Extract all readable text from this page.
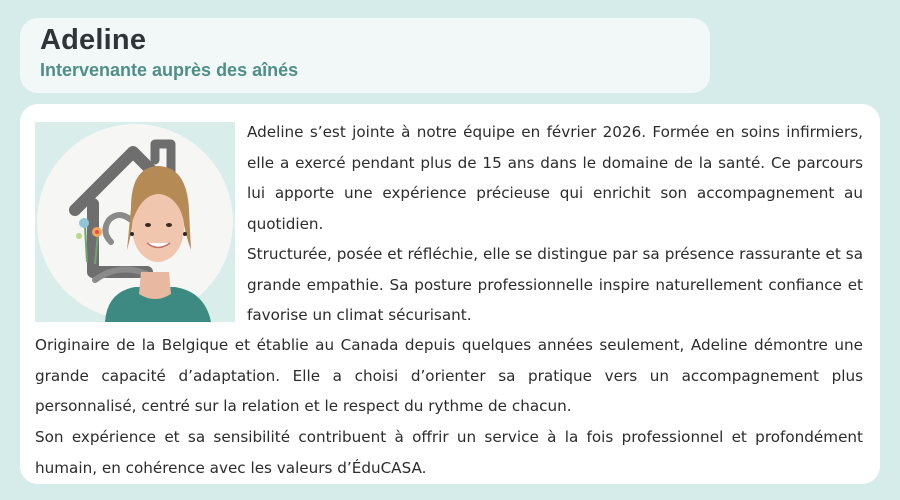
Adeline
Intervenante auprès des aînés

Adeline s’est jointe à notre équipe en février 2026. Formée en soins infirmiers, elle a exercé pendant plus de 15 ans dans le domaine de la santé. Ce parcours lui apporte une expérience précieuse qui enrichit son accompagnement au quotidien.

Structurée, posée et réfléchie, elle se distingue par sa présence rassurante et sa grande empathie. Sa posture professionnelle inspire naturellement confiance et favorise un climat sécurisant.

Originaire de la Belgique et établie au Canada depuis quelques années seulement, Adeline démontre une grande capacité d’adaptation. Elle a choisi d’orienter sa pratique vers un accompagnement plus personnalisé, centré sur la relation et le respect du rythme de chacun.

Son expérience et sa sensibilité contribuent à offrir un service à la fois professionnel et profondément humain, en cohérence avec les valeurs d’ÉduCASA.
